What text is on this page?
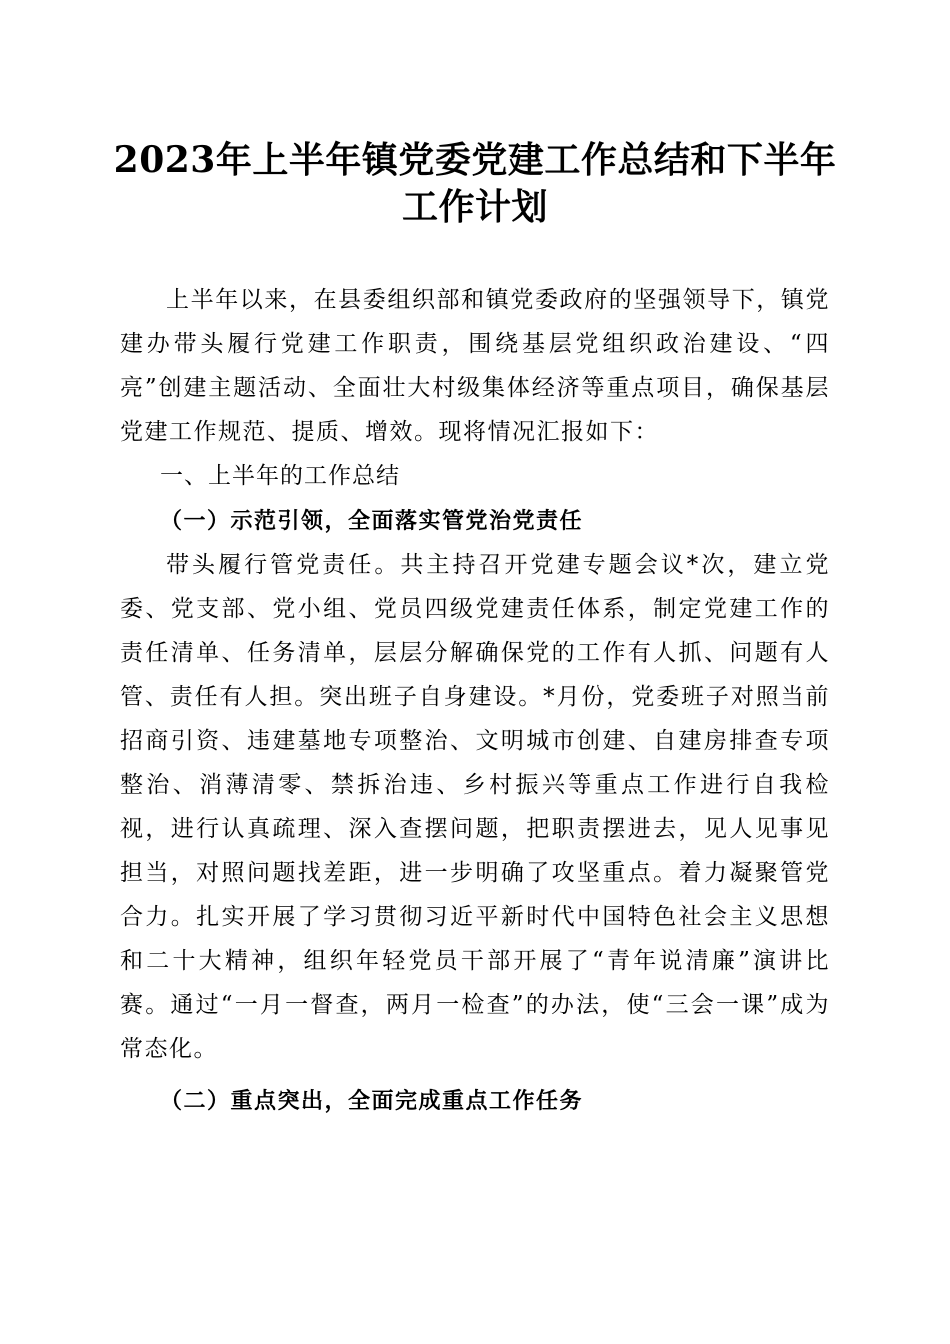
2023年上半年镇党委党建工作总结和下半年
工作计划

上半年以来，在县委组织部和镇党委政府的坚强领导下，镇党建办带头履行党建工作职责，围绕基层党组织政治建设、“四亮”创建主题活动、全面壮大村级集体经济等重点项目，确保基层党建工作规范、提质、增效。现将情况汇报如下：

一、上半年的工作总结
（一）示范引领，全面落实管党治党责任

带头履行管党责任。共主持召开党建专题会议*次，建立党委、党支部、党小组、党员四级党建责任体系，制定党建工作的责任清单、任务清单，层层分解确保党的工作有人抓、问题有人管、责任有人担。突出班子自身建设。*月份，党委班子对照当前招商引资、违建墓地专项整治、文明城市创建、自建房排查专项整治、消薄清零、禁拆治违、乡村振兴等重点工作进行自我检视，进行认真疏理、深入查摆问题，把职责摆进去，见人见事见担当，对照问题找差距，进一步明确了攻坚重点。着力凝聚管党合力。扎实开展了学习贯彻习近平新时代中国特色社会主义思想和二十大精神，组织年轻党员干部开展了“青年说清廉”演讲比赛。通过“一月一督查，两月一检查”的办法，使“三会一课”成为常态化。

（二）重点突出，全面完成重点工作任务
